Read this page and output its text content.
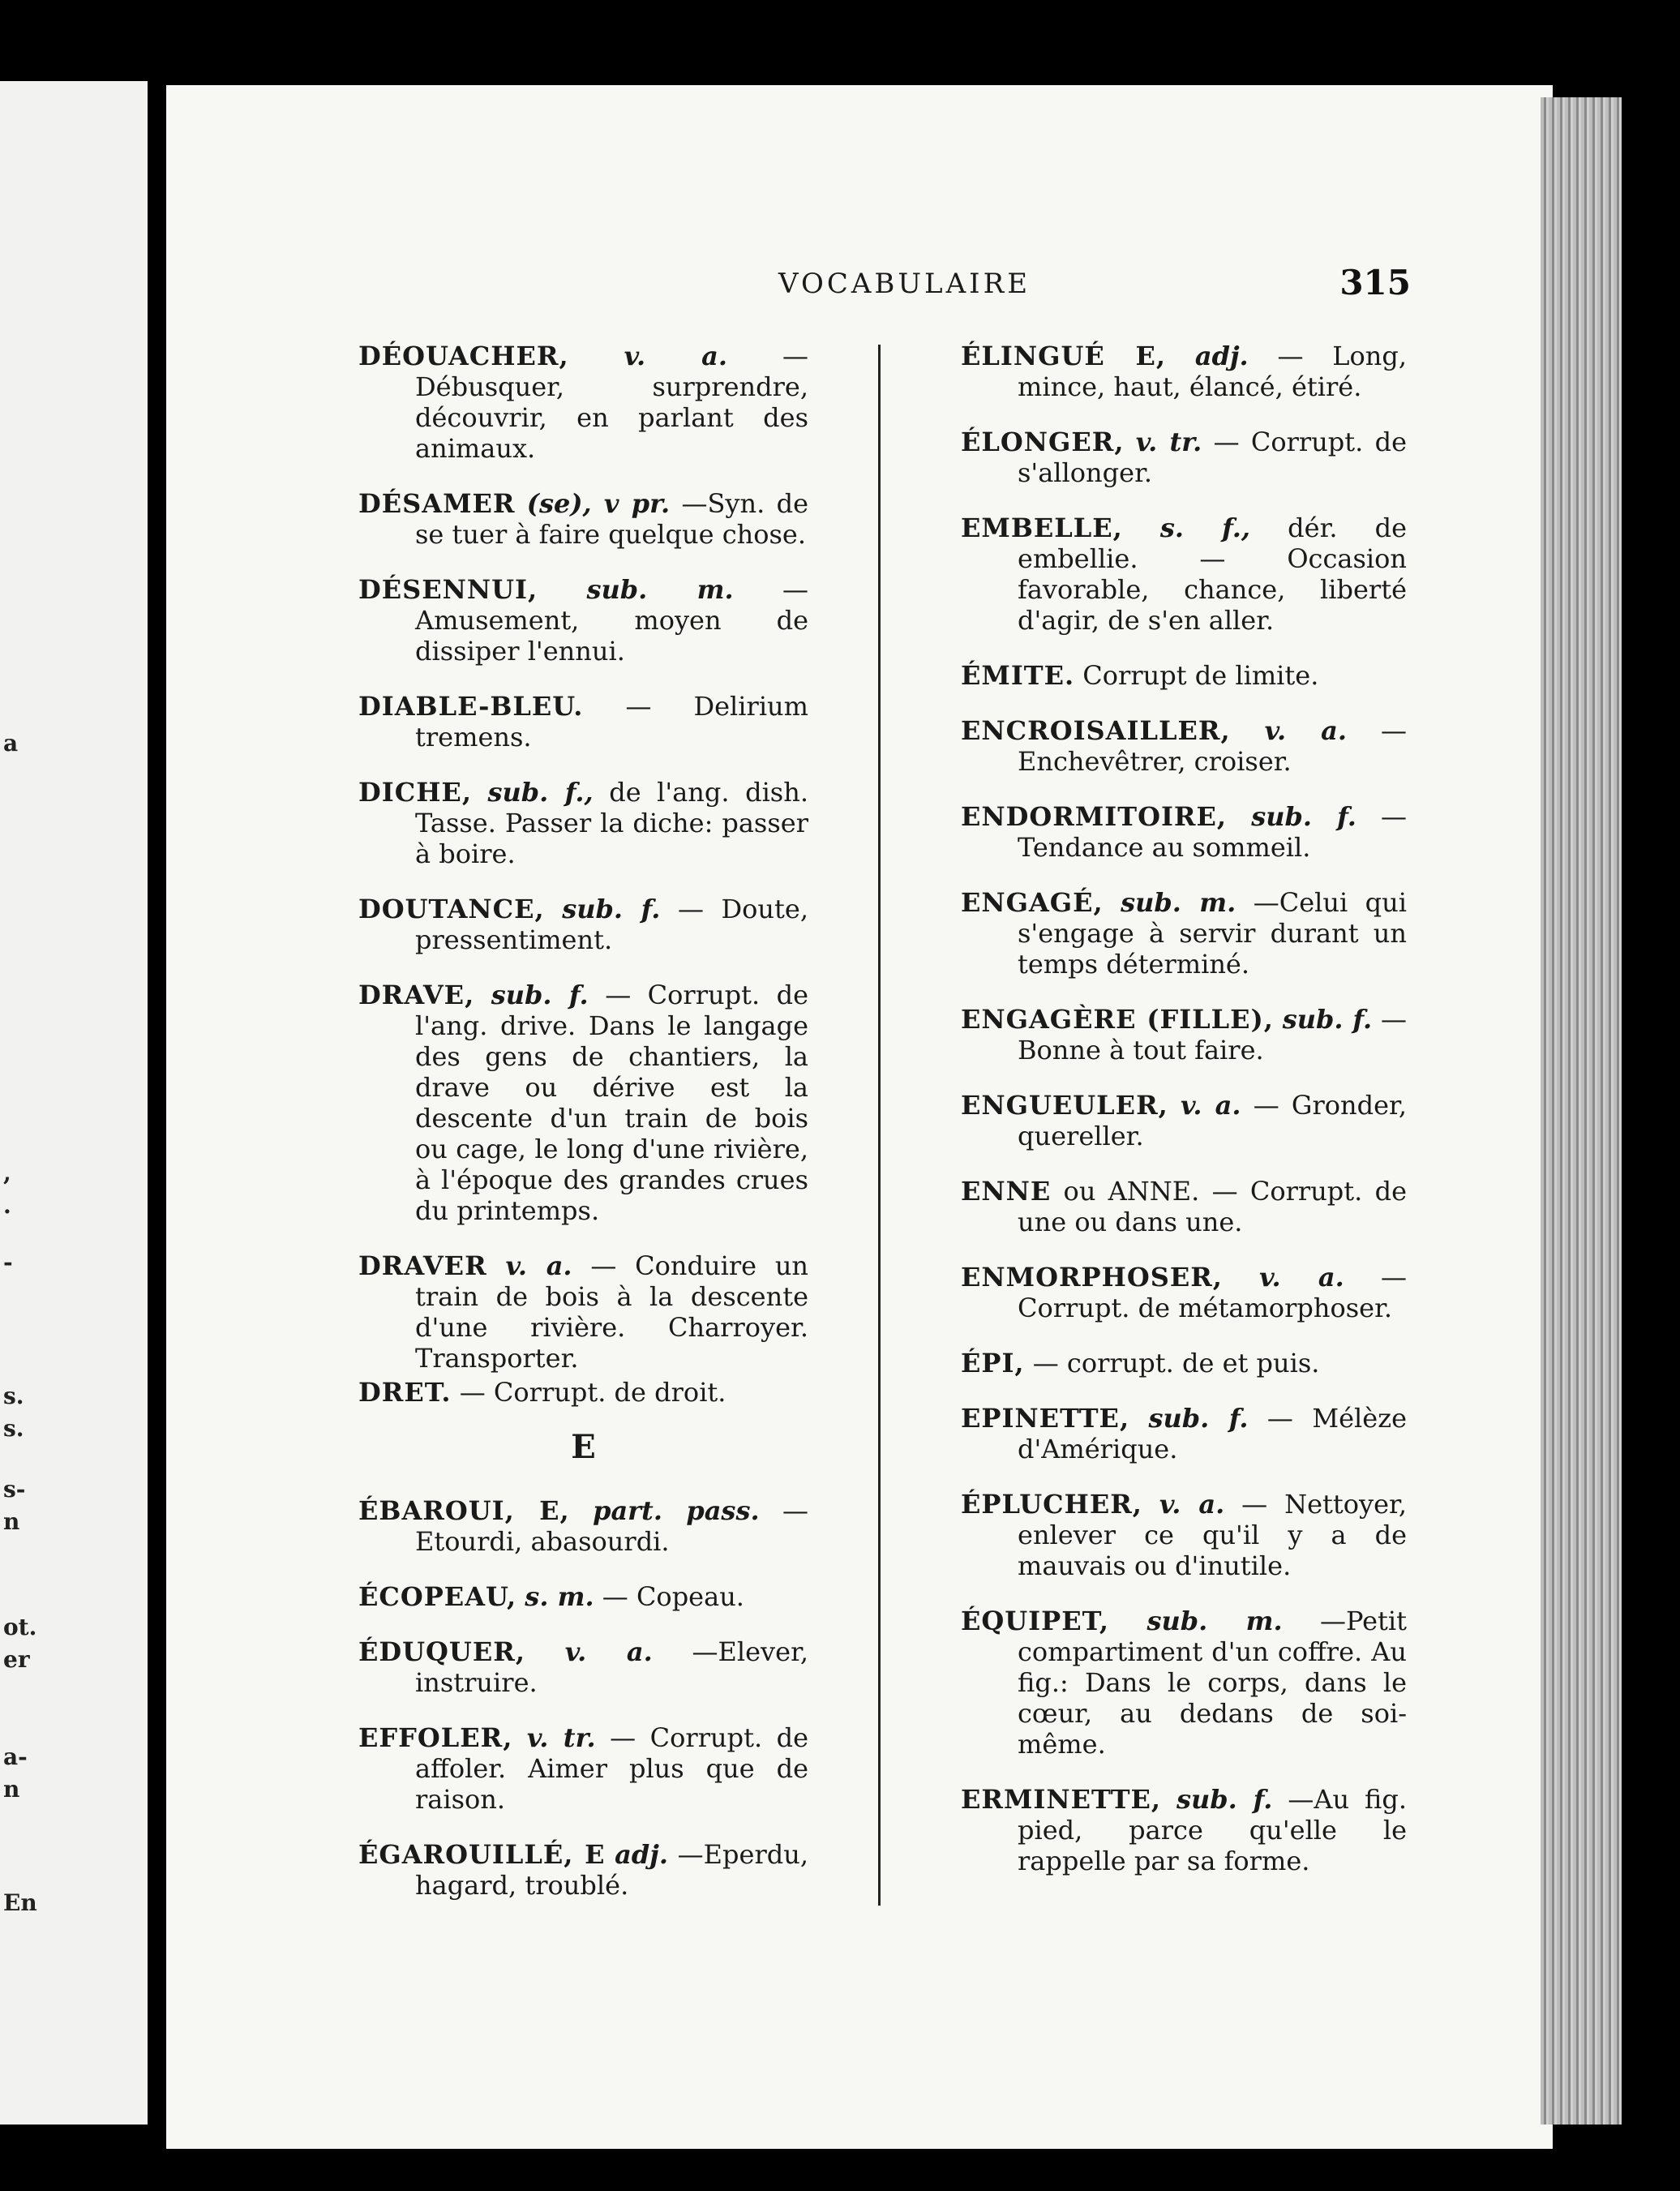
a
,
.
-
s.
s.
s-
n
ot.
er
a-
n
En
VOCABULAIRE	315

DÉOUACHER, v. a. — Débusquer, surprendre, découvrir, en parlant des animaux.

DÉSAMER (se), v pr. —Syn. de se tuer à faire quelque chose.

DÉSENNUI, sub. m. — Amusement, moyen de dissiper l'ennui.

DIABLE-BLEU. — Delirium tremens.

DICHE, sub. f., de l'ang. dish. Tasse. Passer la diche: passer à boire.

DOUTANCE, sub. f. — Doute, pressentiment.

DRAVE, sub. f. — Corrupt. de l'ang. drive. Dans le langage des gens de chantiers, la drave ou dérive est la descente d'un train de bois ou cage, le long d'une rivière, à l'époque des grandes crues du printemps.

DRAVER v. a. — Conduire un train de bois à la descente d'une rivière. Charroyer. Transporter.

DRET. — Corrupt. de droit.

E

ÉBAROUI, E, part. pass. — Etourdi, abasourdi.

ÉCOPEAU, s. m. — Copeau.

ÉDUQUER, v. a. —Elever, instruire.

EFFOLER, v. tr. — Corrupt. de affoler. Aimer plus que de raison.

ÉGAROUILLÉ, E adj. —Eperdu, hagard, troublé.

ÉLINGUÉ E, adj. — Long, mince, haut, élancé, étiré.

ÉLONGER, v. tr. — Corrupt. de s'allonger.

EMBELLE, s. f., dér. de embellie. — Occasion favorable, chance, liberté d'agir, de s'en aller.

ÉMITE. Corrupt de limite.

ENCROISAILLER, v. a. —Enchevêtrer, croiser.

ENDORMITOIRE, sub. f. — Tendance au sommeil.

ENGAGÉ, sub. m. —Celui qui s'engage à servir durant un temps déterminé.

ENGAGÈRE (FILLE), sub. f. — Bonne à tout faire.

ENGUEULER, v. a. — Gronder, quereller.

ENNE ou ANNE. — Corrupt. de une ou dans une.

ENMORPHOSER, v. a. — Corrupt. de métamorphoser.

ÉPI, — corrupt. de et puis.

EPINETTE, sub. f. — Mélèze d'Amérique.

ÉPLUCHER, v. a. — Nettoyer, enlever ce qu'il y a de mauvais ou d'inutile.

ÉQUIPET, sub. m. —Petit compartiment d'un coffre. Au fig.: Dans le corps, dans le cœur, au dedans de soi-même.

ERMINETTE, sub. f. —Au fig. pied, parce qu'elle le rappelle par sa forme.
